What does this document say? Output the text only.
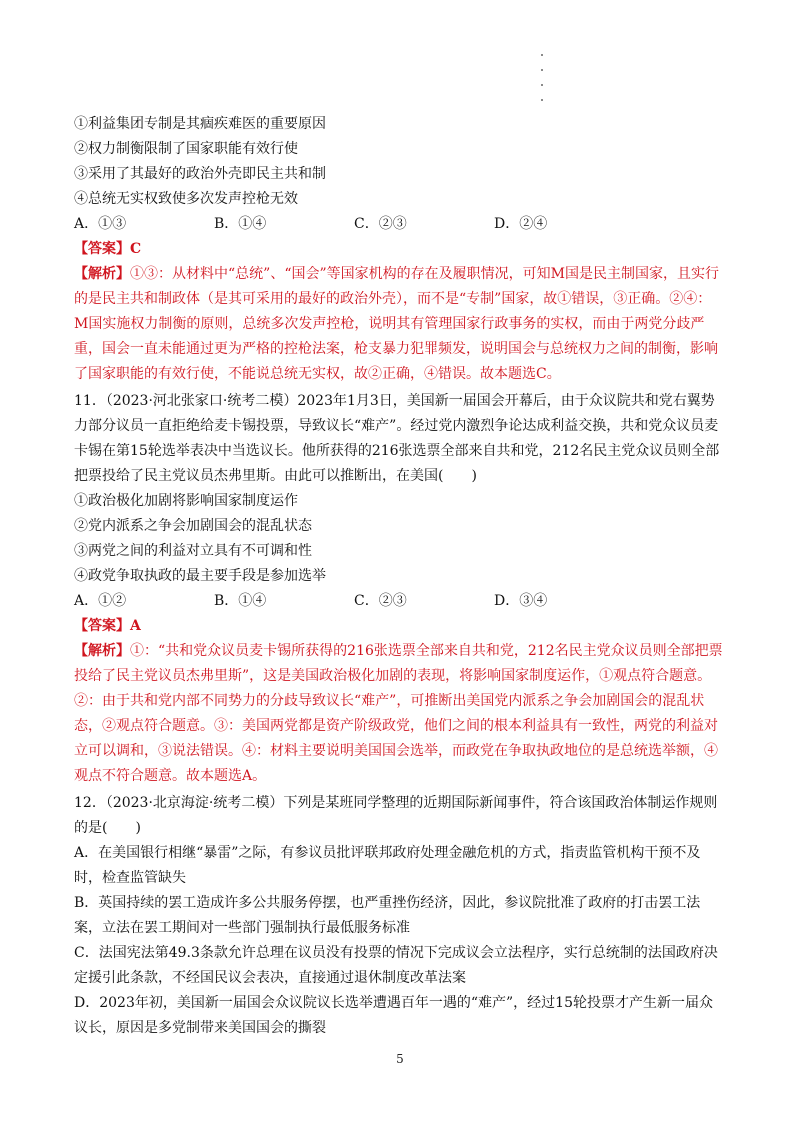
①利益集团专制是其痼疾难医的重要原因
②权力制衡限制了国家职能有效行使
③采用了其最好的政治外壳即民主共和制
④总统无实权致使多次发声控枪无效
A．①③	B．①④	C．②③	D．②④
【答案】C
【解析】①③：从材料中“总统”、“国会”等国家机构的存在及履职情况，可知M国是民主制国家，且实行的是民主共和制政体（是其可采用的最好的政治外壳），而不是“专制”国家，故①错误，③正确。②④：M国实施权力制衡的原则，总统多次发声控枪，说明其有管理国家行政事务的实权，而由于两党分歧严重，国会一直未能通过更为严格的控枪法案，枪支暴力犯罪频发，说明国会与总统权力之间的制衡，影响了国家职能的有效行使，不能说总统无实权，故②正确，④错误。故本题选C。
11．（2023·河北张家口·统考二模）2023年1月3日，美国新一届国会开幕后，由于众议院共和党右翼势力部分议员一直拒绝给麦卡锡投票，导致议长“难产”。经过党内激烈争论达成利益交换，共和党众议员麦卡锡在第15轮选举表决中当选议长。他所获得的216张选票全部来自共和党，212名民主党众议员则全部把票投给了民主党议员杰弗里斯。由此可以推断出，在美国(　　)
①政治极化加剧将影响国家制度运作
②党内派系之争会加剧国会的混乱状态
③两党之间的利益对立具有不可调和性
④政党争取执政的最主要手段是参加选举
A．①②	B．①④	C．②③	D．③④
【答案】A
【解析】①：“共和党众议员麦卡锡所获得的216张选票全部来自共和党，212名民主党众议员则全部把票投给了民主党议员杰弗里斯”，这是美国政治极化加剧的表现，将影响国家制度运作，①观点符合题意。②：由于共和党内部不同势力的分歧导致议长“难产”，可推断出美国党内派系之争会加剧国会的混乱状态，②观点符合题意。③：美国两党都是资产阶级政党，他们之间的根本利益具有一致性，两党的利益对立可以调和，③说法错误。④：材料主要说明美国国会选举，而政党在争取执政地位的是总统选举额，④观点不符合题意。故本题选A。
12．（2023·北京海淀·统考二模）下列是某班同学整理的近期国际新闻事件，符合该国政治体制运作规则的是(　　)
A．在美国银行相继“暴雷”之际，有参议员批评联邦政府处理金融危机的方式，指责监管机构干预不及时，检查监管缺失
B．英国持续的罢工造成许多公共服务停摆，也严重挫伤经济，因此，参议院批准了政府的打击罢工法案，立法在罢工期间对一些部门强制执行最低服务标准
C．法国宪法第49.3条款允许总理在议员没有投票的情况下完成议会立法程序，实行总统制的法国政府决定援引此条款，不经国民议会表决，直接通过退休制度改革法案
D．2023年初，美国新一届国会众议院议长选举遭遇百年一遇的“难产”，经过15轮投票才产生新一届众议长，原因是多党制带来美国国会的撕裂
5
